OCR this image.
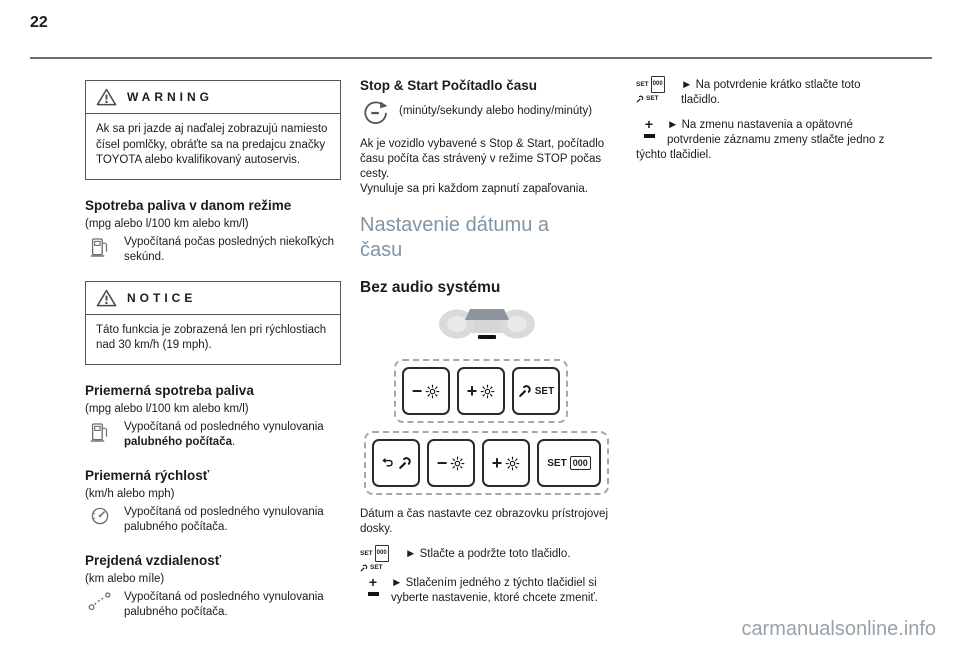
22
WARNING
Ak sa pri jazde aj naďalej zobrazujú namiesto čísel pomlčky, obráťte sa na predajcu značky TOYOTA alebo kvalifikovaný autoservis.
Spotreba paliva v danom režime
(mpg alebo l/100 km alebo km/l)
Vypočítaná počas posledných niekoľkých sekúnd.
NOTICE
Táto funkcia je zobrazená len pri rýchlostiach nad 30 km/h (19 mph).
Priemerná spotreba paliva
(mpg alebo l/100 km alebo km/l)
Vypočítaná od posledného vynulovania palubného počítača.
Priemerná rýchlosť
(km/h alebo mph)
Vypočítaná od posledného vynulovania palubného počítača.
Prejdená vzdialenosť
(km alebo míle)
Vypočítaná od posledného vynulovania palubného počítača.
Stop & Start Počítadlo času
(minúty/sekundy alebo hodiny/minúty)
Ak je vozidlo vybavené s Stop & Start, počítadlo času počíta čas strávený v režime STOP počas cesty.
Vynuluje sa pri každom zapnutí zapaľovania.
Nastavenie dátumu a času
Bez audio systému
− +	SET

− +	SET 000
Dátum a čas nastavte cez obrazovku prístrojovej dosky.
SET 000
SET
► Stlačte a podržte toto tlačidlo.
+	► Stlačením jedného z týchto tlačidiel si vyberte nastavenie, ktoré chcete zmeniť.
SET 000
SET
► Na potvrdenie krátko stlačte toto tlačidlo.
+	► Na zmenu nastavenia a opätovné potvrdenie záznamu zmeny stlačte jedno z týchto tlačidiel.
carmanualsonline.info
